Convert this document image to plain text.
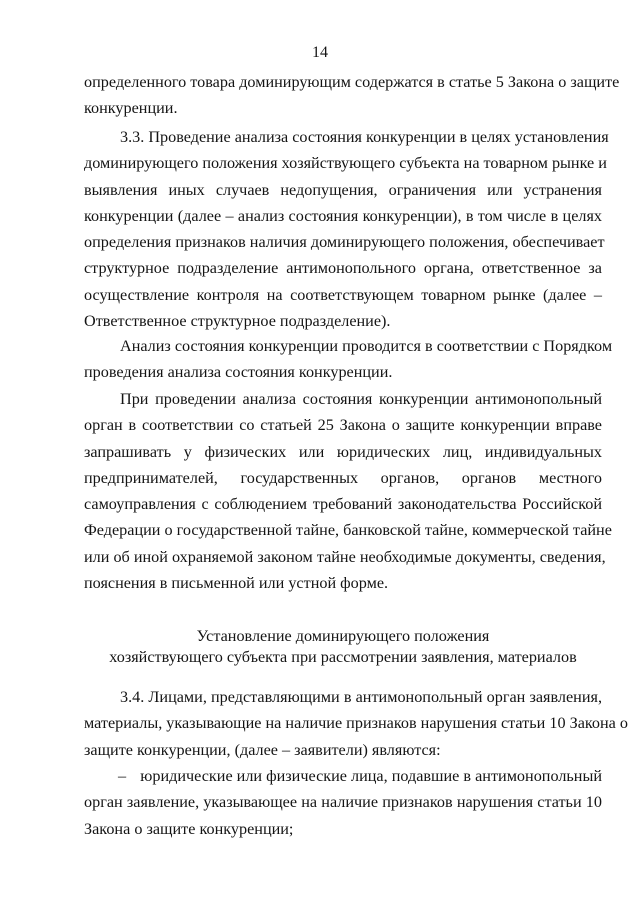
14
определенного товара доминирующим содержатся в статье 5 Закона о защите
конкуренции.
3.3. Проведение анализа состояния конкуренции в целях установления
доминирующего положения хозяйствующего субъекта на товарном рынке и
выявления иных случаев недопущения, ограничения или устранения
конкуренции (далее – анализ состояния конкуренции), в том числе в целях
определения признаков наличия доминирующего положения, обеспечивает
структурное подразделение антимонопольного органа, ответственное за
осуществление контроля на соответствующем товарном рынке (далее –
Ответственное структурное подразделение).
Анализ состояния конкуренции проводится в соответствии с Порядком
проведения анализа состояния конкуренции.
При проведении анализа состояния конкуренции антимонопольный
орган в соответствии со статьей 25 Закона о защите конкуренции вправе
запрашивать у физических или юридических лиц, индивидуальных
предпринимателей, государственных органов, органов местного
самоуправления с соблюдением требований законодательства Российской
Федерации о государственной тайне, банковской тайне, коммерческой тайне
или об иной охраняемой законом тайне необходимые документы, сведения,
пояснения в письменной или устной форме.
Установление доминирующего положения
хозяйствующего субъекта при рассмотрении заявления, материалов
3.4. Лицами, представляющими в антимонопольный орган заявления,
материалы, указывающие на наличие признаков нарушения статьи 10 Закона о
защите конкуренции, (далее – заявители) являются:
– юридические или физические лица, подавшие в антимонопольный
орган заявление, указывающее на наличие признаков нарушения статьи 10
Закона о защите конкуренции;
